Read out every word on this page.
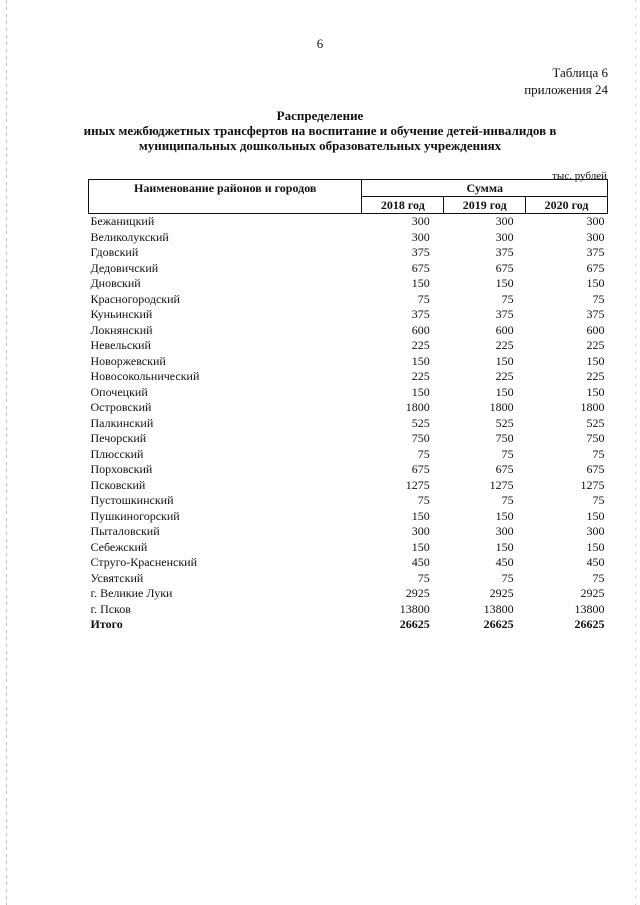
6
Таблица 6
приложения 24
Распределение
иных межбюджетных трансфертов на воспитание и обучение детей-инвалидов в
муниципальных дошкольных образовательных учреждениях
тыс. рублей
Наименование районов и городов	Сумма		
	2018 год	2019 год	2020 год
Бежаницкий	300	300	300
Великолукский	300	300	300
Гдовский	375	375	375
Дедовичский	675	675	675
Дновский	150	150	150
Красногородский	75	75	75
Куньинский	375	375	375
Локнянский	600	600	600
Невельский	225	225	225
Новоржевский	150	150	150
Новосокольнический	225	225	225
Опочецкий	150	150	150
Островский	1800	1800	1800
Палкинский	525	525	525
Печорский	750	750	750
Плюсский	75	75	75
Порховский	675	675	675
Псковский	1275	1275	1275
Пустошкинский	75	75	75
Пушкиногорский	150	150	150
Пыталовский	300	300	300
Себежский	150	150	150
Струго-Красненский	450	450	450
Усвятский	75	75	75
г. Великие Луки	2925	2925	2925
г. Псков	13800	13800	13800
Итого	26625	26625	26625
